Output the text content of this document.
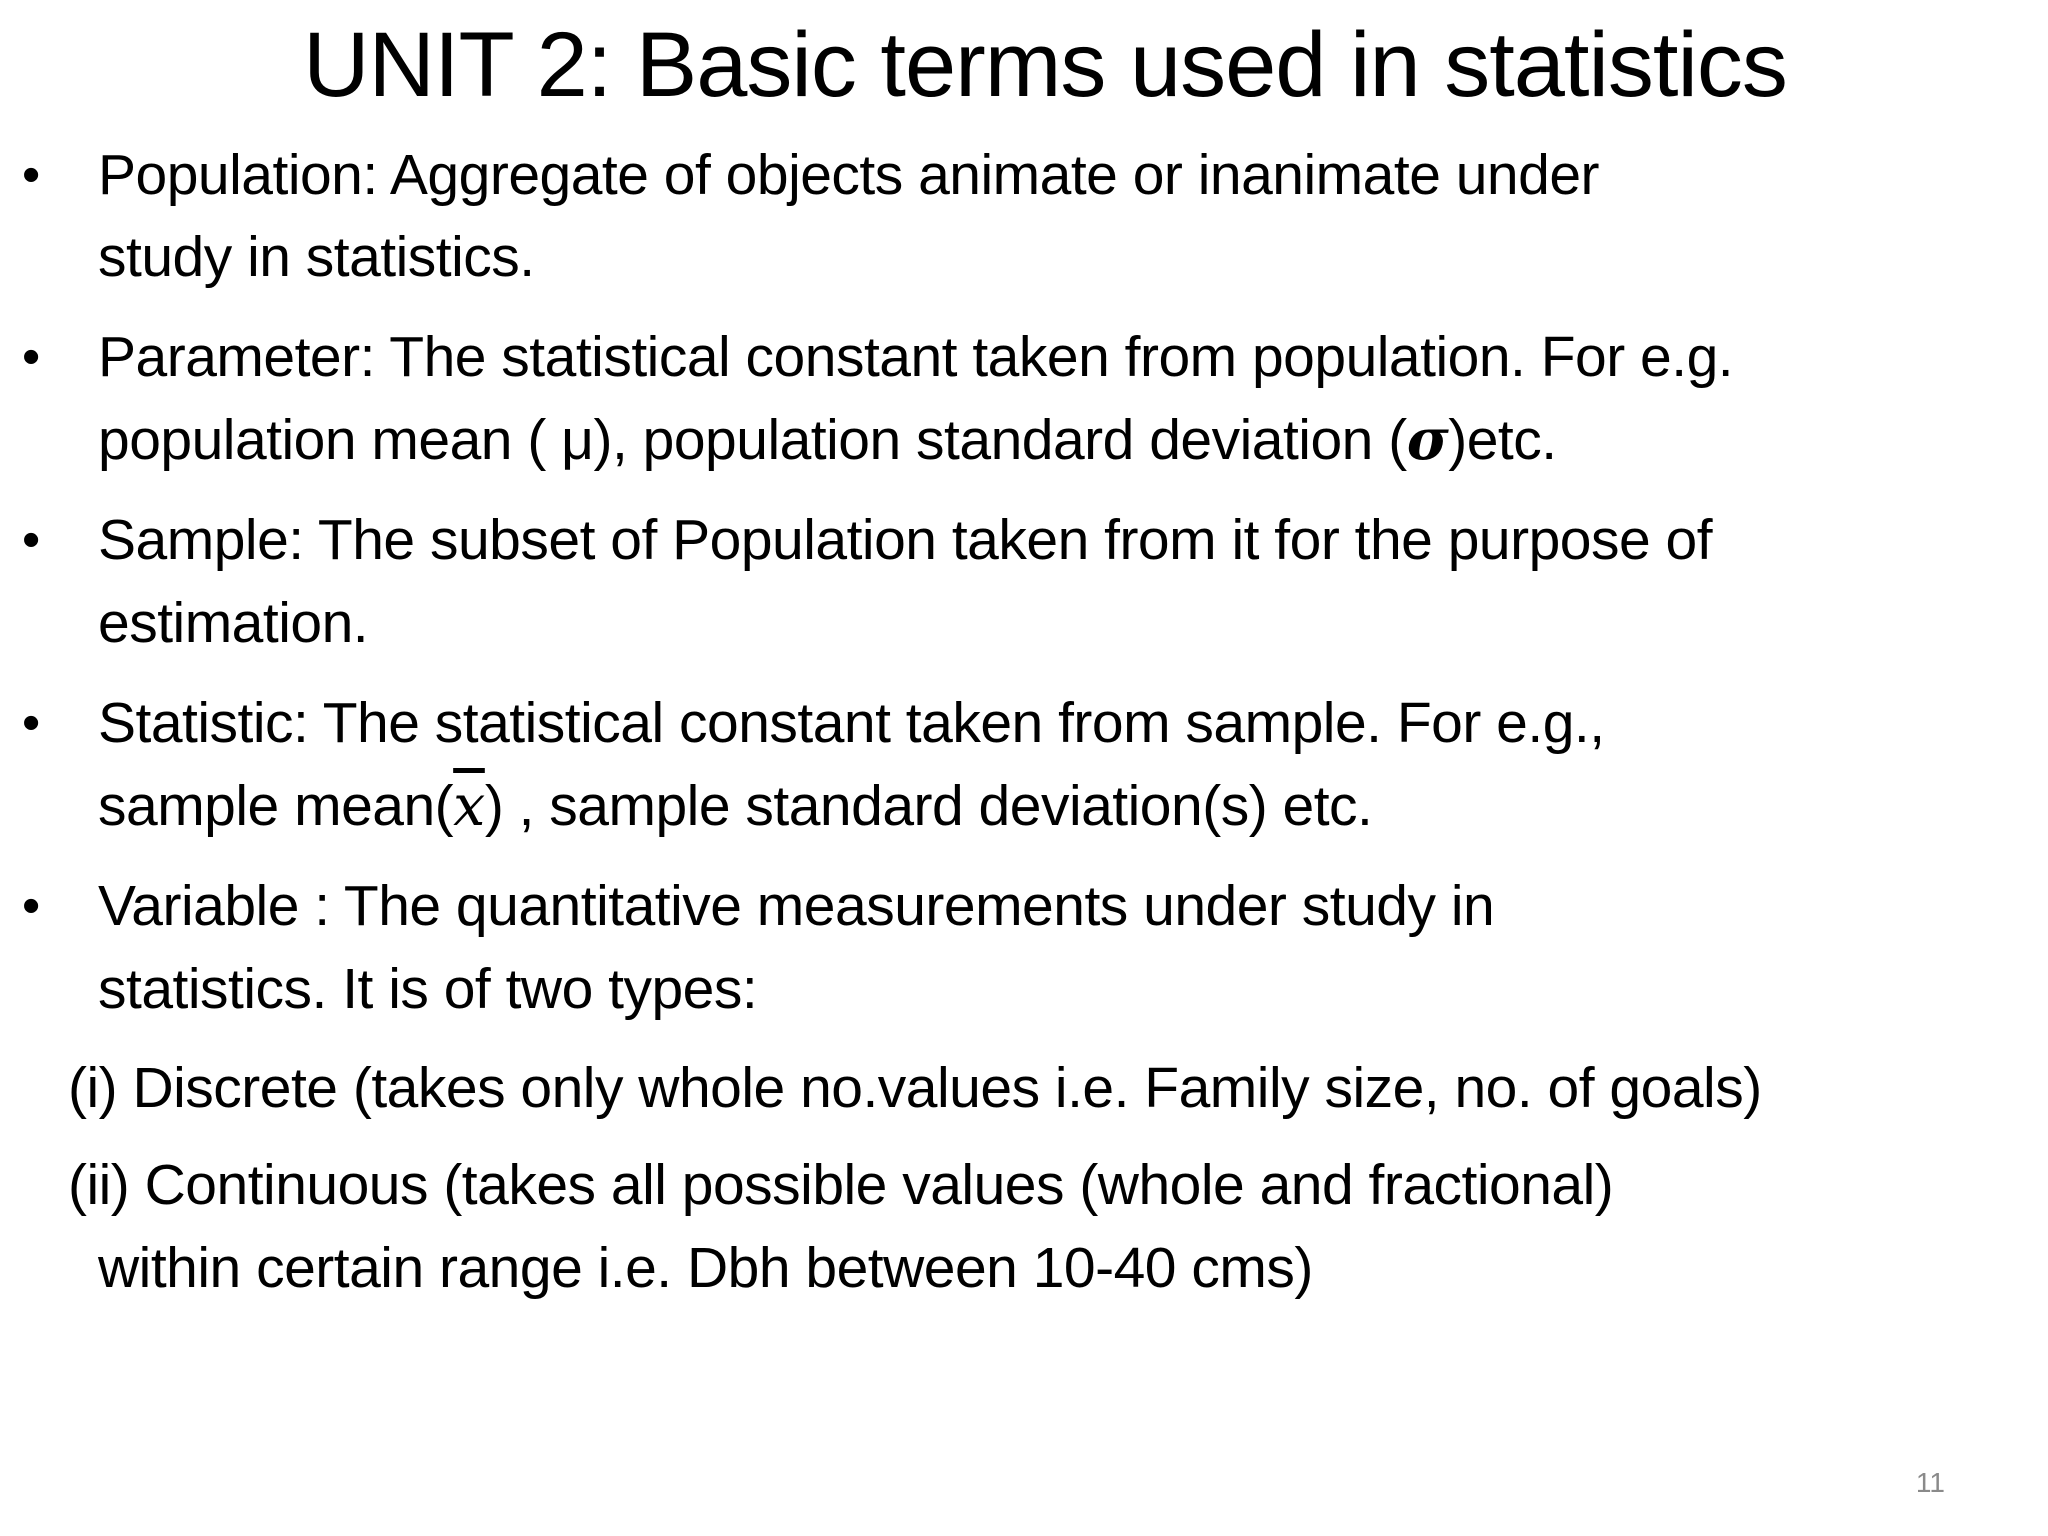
UNIT 2: Basic terms used in statistics
• Population: Aggregate of objects animate or inanimate under
study in statistics.
• Parameter: The statistical constant taken from population. For e.g.
population mean ( μ), population standard deviation (σ)etc.
• Sample: The subset of Population taken from it for the purpose of
estimation.
• Statistic: The statistical constant taken from sample. For e.g.,
sample $mean(\overline{x})$ , sample standard deviation(s) etc.
• Variable : The quantitative measurements under study in
statistics. It is of two types:
(i) Discrete (takes only whole no.values i.e. Family size, no. of goals)
(ii) Continuous (takes all possible values (whole and fractional)
within certain range i.e. Dbh between 10-40 cms)
11
